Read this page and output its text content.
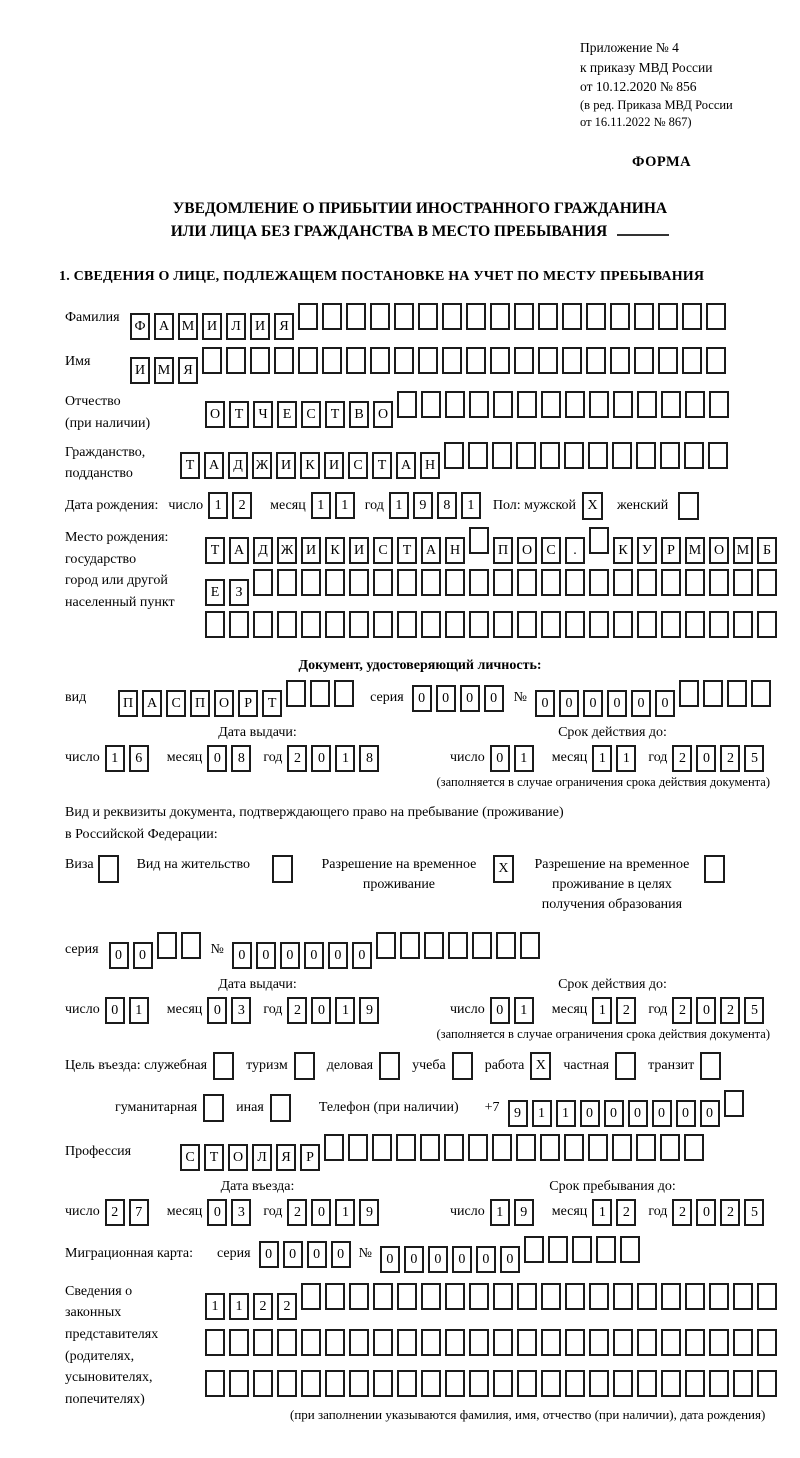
Приложение № 4
к приказу МВД России
от 10.12.2020 № 856
(в ред. Приказа МВД России
от 16.11.2022 № 867)
ФОРМА
УВЕДОМЛЕНИЕ О ПРИБЫТИИ ИНОСТРАННОГО ГРАЖДАНИНА
ИЛИ ЛИЦА БЕЗ ГРАЖДАНСТВА В МЕСТО ПРЕБЫВАНИЯ
1. СВЕДЕНИЯ О ЛИЦЕ, ПОДЛЕЖАЩЕМ ПОСТАНОВКЕ НА УЧЕТ ПО МЕСТУ ПРЕБЫВАНИЯ
Фамилия
Ф А М И Л И Я
Имя
И М Я
Отчество
(при наличии)
О Т Ч Е С Т В О
Гражданство,
подданство
Т А Д Ж И К И С Т А Н
Дата рождения: число 1 2	месяц 1 1	год 1 9 8 1	Пол: мужской X	женский
Место рождения:
государство
город или другой
населенный пункт
Т А Д Ж И К И С Т А Н	П О С .	К У Р М О М Б
Е З
Документ, удостоверяющий личность:
вид	П А С П О Р Т	серия	0 0 0 0	№	0 0 0 0 0 0
Дата выдачи:	Срок действия до:
число 1 6	месяц 0 8	год 2 0 1 8	число 0 1	месяц 1 1	год 2 0 2 5
(заполняется в случае ограничения срока действия документа)
Вид и реквизиты документа, подтверждающего право на пребывание (проживание)
в Российской Федерации:
Виза	Вид на жительство	Разрешение на временное проживание
X	Разрешение на временное проживание в целях получения образования
серия	0 0	№	0 0 0 0 0 0
Дата выдачи:	Срок действия до:
число 0 1	месяц 0 3	год 2 0 1 9	число 0 1	месяц 1 2	год 2 0 2 5
(заполняется в случае ограничения срока действия документа)
Цель въезда: служебная	туризм	деловая	учеба	работа X	частная	транзит
гуманитарная	иная	Телефон (при наличии) +7	9 1 1 0 0 0 0 0 0
Профессия	С Т О Л Я Р
Дата въезда:	Срок пребывания до:
число 2 7	месяц 0 3	год 2 0 1 9	число 1 9	месяц 1 2	год 2 0 2 5
Миграционная карта: серия	0 0 0 0	№	0 0 0 0 0 0
Сведения о
законных
представителях
(родителях,
усыновителях,
попечителях)
1 1 2 2
(при заполнении указываются фамилия, имя, отчество (при наличии), дата рождения)
